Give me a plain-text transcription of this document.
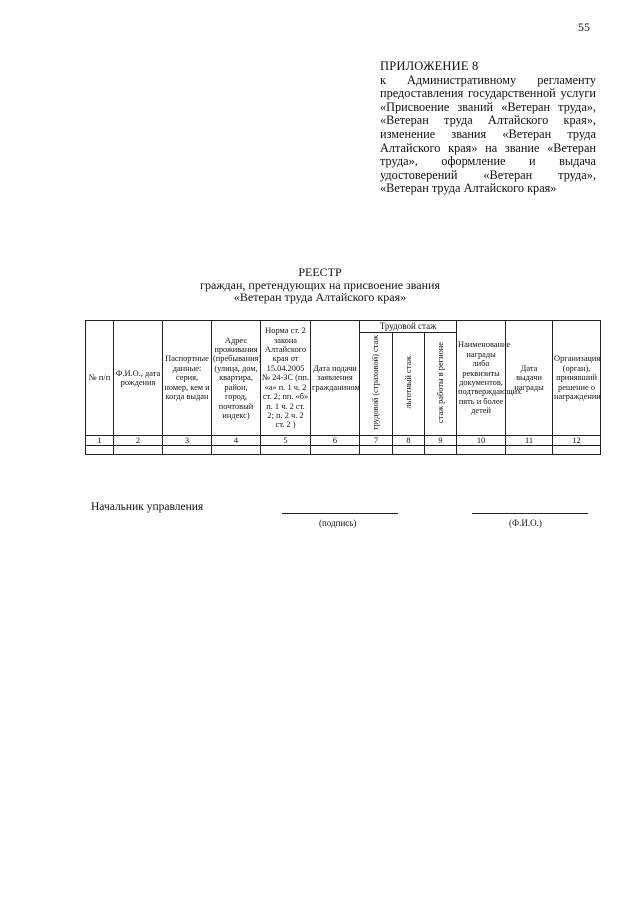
55

ПРИЛОЖЕНИЕ 8

к Административному регламенту предоставления государственной услуги «Присвоение званий «Ветеран труда», «Ветеран труда Алтайского края», изменение звания «Ветеран труда Алтайского края» на звание «Ветеран труда», оформление и выдача удостоверений «Ветеран труда», «Ветеран труда Алтайского края»

РЕЕСТР
граждан, претендующих на присвоение звания
«Ветеран труда Алтайского края»
№ п/п	Ф.И.О., дата рождения	Паспортные данные: серия, номер, кем и когда выдан	Адрес проживания (пребывания) (улица, дом, квартира, район, город, почтовый индекс)	Норма ст. 2 закона Алтайского края от 15.04.2005 № 24-ЗС (пп. «а» п. 1 ч. 2 ст. 2; пп. «б» п. 1 ч. 2 ст. 2; п. 2 ч. 2 ст. 2 )	Дата подачи заявления гражданином	Трудовой стаж			Наименование награды либо реквизиты документов, подтверждающих пять и более детей	Дата выдачи награды	Организация (орган), принявший решение о награждении
						трудовой (страховой) стаж	льготный стаж	стаж работы в регионе			
1	2	3	4	5	6	7	8	9	10	11	12

Начальник управления
(подпись)	(Ф.И.О.)
